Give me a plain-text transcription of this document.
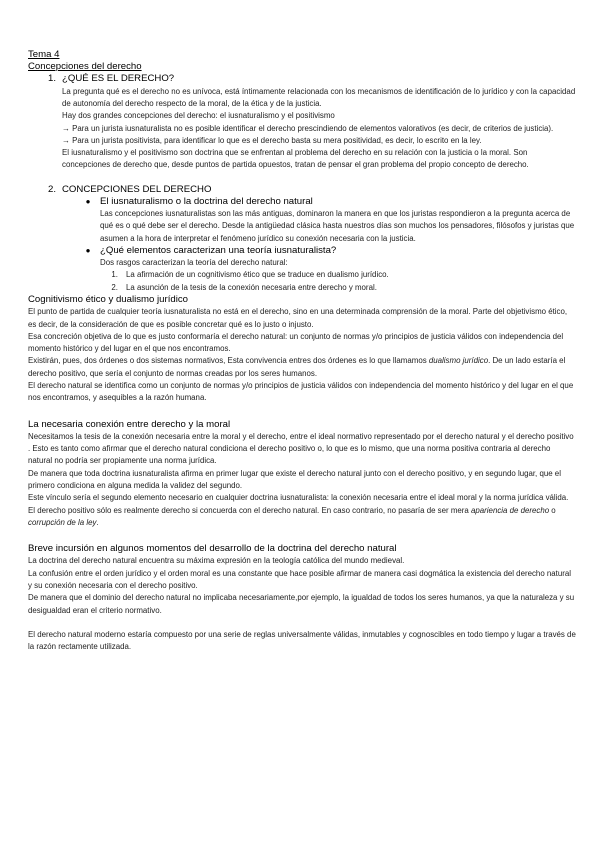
Tema 4
Concepciones del derecho
1. ¿QUÉ ES EL DERECHO?
La pregunta qué es el derecho no es unívoca, está íntimamente relacionada con los mecanismos de identificación de lo jurídico y con la capacidad de autonomía del derecho respecto de la moral, de la ética y de la justicia.
Hay dos grandes concepciones del derecho: el iusnaturalismo y el positivismo
→ Para un jurista iusnaturalista no es posible identificar el derecho prescindiendo de elementos valorativos (es decir, de criterios de justicia).
→ Para un jurista positivista, para identificar lo que es el derecho basta su mera positividad, es decir, lo escrito en la ley.
El iusnaturalismo y el positivismo son doctrina que se enfrentan al problema del derecho en su relación con la justicia o la moral. Son concepciones de derecho que, desde puntos de partida opuestos, tratan de pensar el gran problema del propio concepto de derecho.
2. CONCEPCIONES DEL DERECHO
● El iusnaturalismo o la doctrina del derecho natural
Las concepciones iusnaturalistas son las más antiguas, dominaron la manera en que los juristas respondieron a la pregunta acerca de qué es o qué debe ser el derecho. Desde la antigüedad clásica hasta nuestros días son muchos los pensadores, filósofos y juristas que asumen a la hora de interpretar el fenómeno jurídico su conexión necesaria con la justicia.
● ¿Qué elementos caracterizan una teoría iusnaturalista?
Dos rasgos caracterizan la teoría del derecho natural:
1.	La afirmación de un cognitivismo ético que se traduce en dualismo jurídico.
2.	La asunción de la tesis de la conexión necesaria entre derecho y moral.
Cognitivismo ético y dualismo jurídico
El punto de partida de cualquier teoría iusnaturalista no está en el derecho, sino en una determinada comprensión de la moral. Parte del objetivismo ético, es decir, de la consideración de que es posible concretar qué es lo justo o injusto.
Esa concreción objetiva de lo que es justo conformaría el derecho natural: un conjunto de normas y/o principios de justicia válidos con independencia del momento histórico y del lugar en el que nos encontramos.
Existirán, pues, dos órdenes o dos sistemas normativos, Esta convivencia entres dos órdenes es lo que llamamos dualismo jurídico. De un lado estaría el derecho positivo, que sería el conjunto de normas creadas por los seres humanos.
El derecho natural se identifica como un conjunto de normas y/o principios de justicia válidos con independencia del momento histórico y del lugar en el que nos encontramos, y asequibles a la razón humana.
La necesaria conexión entre derecho y la moral
Necesitamos la tesis de la conexión necesaria entre la moral y el derecho, entre el ideal normativo representado por el derecho natural y el derecho positivo . Esto es tanto como afirmar que el derecho natural condiciona el derecho positivo o, lo que es lo mismo, que una norma positiva contraria al derecho natural no podría ser propiamente una norma jurídica.
De manera que toda doctrina iusnaturalista afirma en primer lugar que existe el derecho natural junto con el derecho positivo, y en segundo lugar, que el primero condiciona en alguna medida la validez del segundo.
Este vínculo sería el segundo elemento necesario en cualquier doctrina iusnaturalista: la conexión necesaria entre el ideal moral y la norma jurídica válida.
El derecho positivo sólo es realmente derecho si concuerda con el derecho natural. En caso contrario, no pasaría de ser mera apariencia de derecho o corrupción de la ley.
Breve incursión en algunos momentos del desarrollo de la doctrina del derecho natural
La doctrina del derecho natural encuentra su máxima expresión en la teología católica del mundo medieval.
La confusión entre el orden jurídico y el orden moral es una constante que hace posible afirmar de manera casi dogmática la existencia del derecho natural y su conexión necesaria con el derecho positivo.
De manera que el dominio del derecho natural no implicaba necesariamente,por ejemplo, la igualdad de todos los seres humanos, ya que la naturaleza y su desigualdad eran el criterio normativo.
El derecho natural moderno estaría compuesto por una serie de reglas universalmente válidas, inmutables y cognoscibles en todo tiempo y lugar a través de la razón rectamente utilizada.
